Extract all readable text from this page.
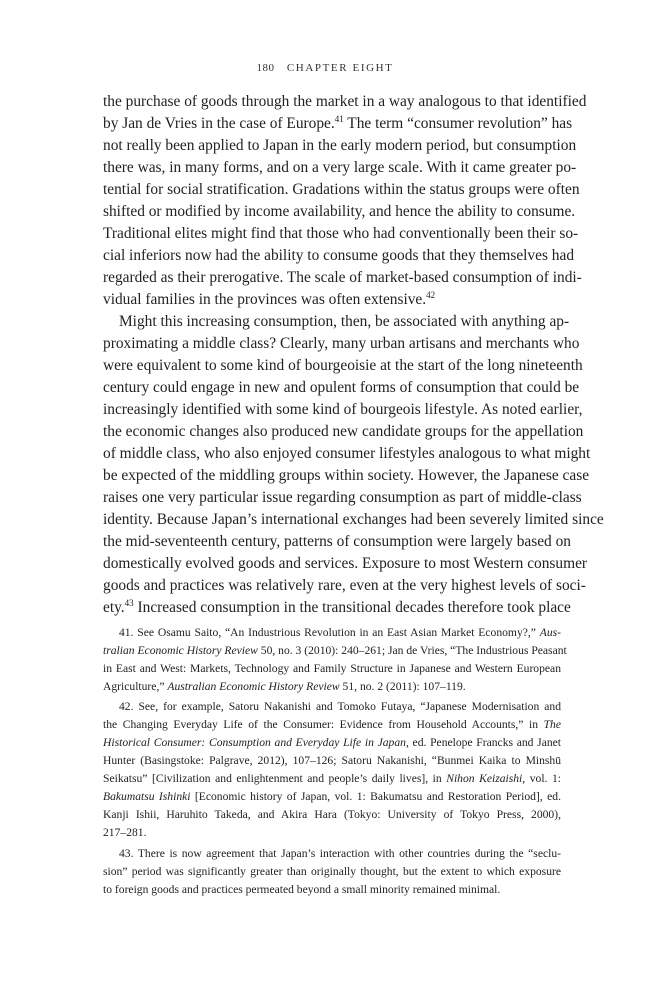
180 CHAPTER EIGHT
the purchase of goods through the market in a way analogous to that identified
by Jan de Vries in the case of Europe.$^{41}$ The term “consumer revolution” has
not really been applied to Japan in the early modern period, but consumption
there was, in many forms, and on a very large scale. With it came greater po-
tential for social stratification. Gradations within the status groups were often
shifted or modified by income availability, and hence the ability to consume.
Traditional elites might find that those who had conventionally been their so-
cial inferiors now had the ability to consume goods that they themselves had
regarded as their prerogative. The scale of market-based consumption of indi-
vidual families in the provinces was often extensive.$^{42}$
Might this increasing consumption, then, be associated with anything ap-
proximating a middle class? Clearly, many urban artisans and merchants who
were equivalent to some kind of bourgeoisie at the start of the long nineteenth
century could engage in new and opulent forms of consumption that could be
increasingly identified with some kind of bourgeois lifestyle. As noted earlier,
the economic changes also produced new candidate groups for the appellation
of middle class, who also enjoyed consumer lifestyles analogous to what might
be expected of the middling groups within society. However, the Japanese case
raises one very particular issue regarding consumption as part of middle-class
identity. Because Japan’s international exchanges had been severely limited since
the mid-seventeenth century, patterns of consumption were largely based on
domestically evolved goods and services. Exposure to most Western consumer
goods and practices was relatively rare, even at the very highest levels of soci-
ety.$^{43}$ Increased consumption in the transitional decades therefore took place
41. See Osamu Saito, “An Industrious Revolution in an East Asian Market Economy?,” Aus-
tralian Economic History Review 50, no. 3 (2010): 240–261; Jan de Vries, “The Industrious Peasant
in East and West: Markets, Technology and Family Structure in Japanese and Western European
Agriculture,” Australian Economic History Review 51, no. 2 (2011): 107–119.
42. See, for example, Satoru Nakanishi and Tomoko Futaya, “Japanese Modernisation and
the Changing Everyday Life of the Consumer: Evidence from Household Accounts,” in The
Historical Consumer: Consumption and Everyday Life in Japan, ed. Penelope Francks and Janet
Hunter (Basingstoke: Palgrave, 2012), 107–126; Satoru Nakanishi, “Bunmei Kaika to Minshū
Seikatsu” [Civilization and enlightenment and people’s daily lives], in Nihon Keizaishi, vol. 1:
Bakumatsu Ishinki [Economic history of Japan, vol. 1: Bakumatsu and Restoration Period], ed.
Kanji Ishii, Haruhito Takeda, and Akira Hara (Tokyo: University of Tokyo Press, 2000),
217–281.
43. There is now agreement that Japan’s interaction with other countries during the “seclu-
sion” period was significantly greater than originally thought, but the extent to which exposure
to foreign goods and practices permeated beyond a small minority remained minimal.
